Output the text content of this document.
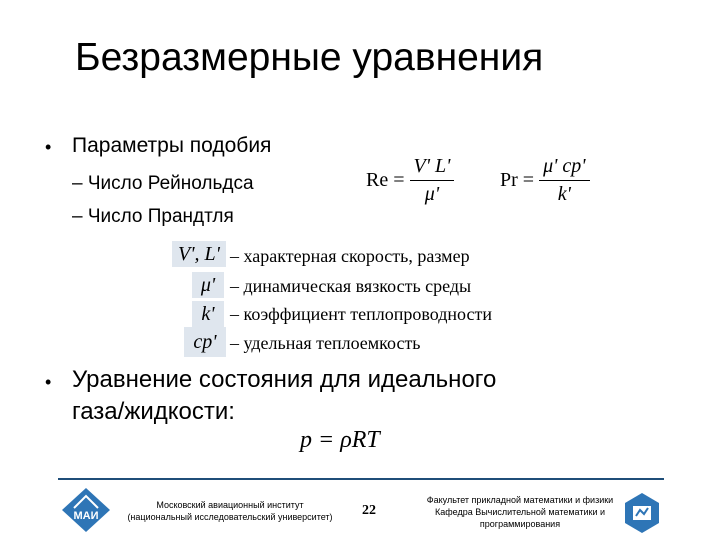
Безразмерные уравнения
• Параметры подобия
– Число Рейнольдса
– Число Прандтля
$Re = \frac{V' L'}{\mu'}$ $Pr = \frac{\mu' cp'}{k'}$
V', L' – характерная скорость, размер
μ' – динамическая вязкость среды
k' – коэффициент теплопроводности
cp' – удельная теплоемкость
• Уравнение состояния для идеального
газа/жидкости:
p = ρRT
МАИ
Московский авиационный институт
(национальный исследовательский университет)	22
Факультет прикладной математики и физики
Кафедра Вычислительной математики и
программирования
